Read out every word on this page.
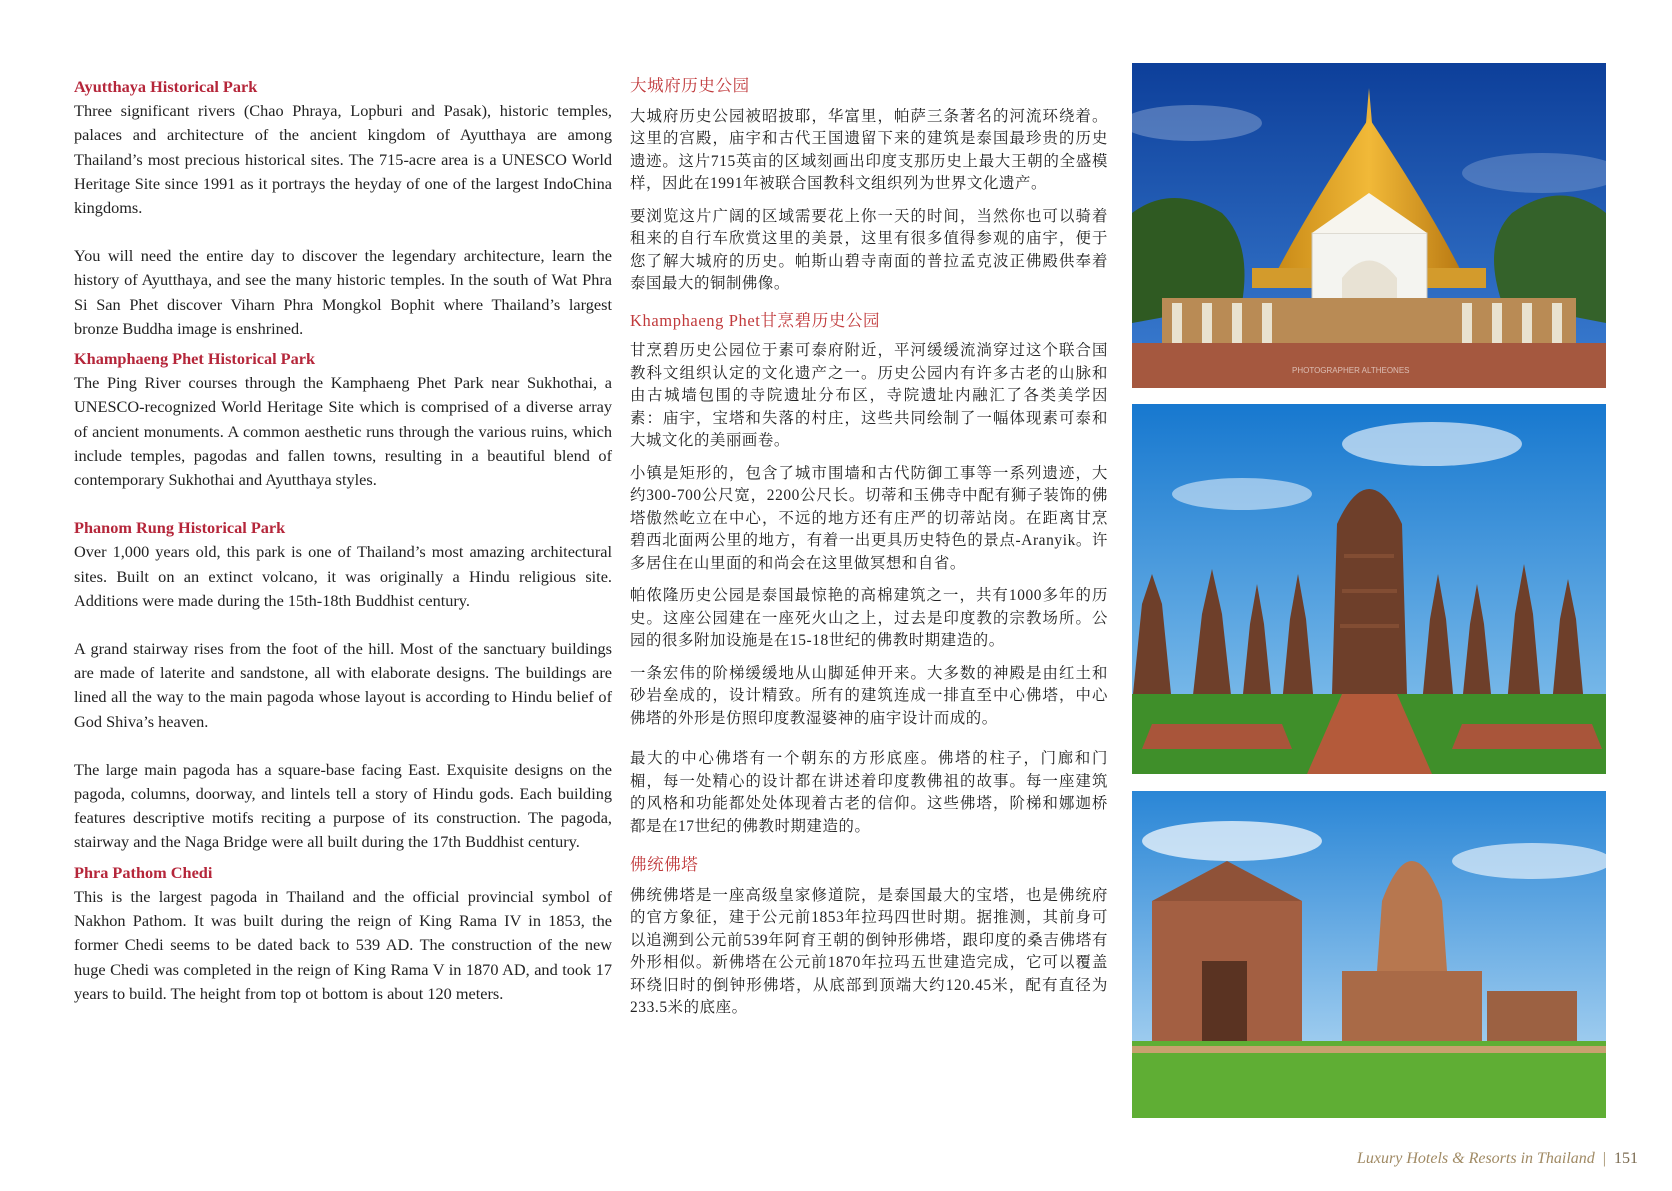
Ayutthaya Historical Park

Three significant rivers (Chao Phraya, Lopburi and Pasak), historic temples, palaces and architecture of the ancient kingdom of Ayutthaya are among Thailand’s most precious historical sites. The 715-acre area is a UNESCO World Heritage Site since 1991 as it portrays the heyday of one of the largest IndoChina kingdoms.

You will need the entire day to discover the legendary architecture, learn the history of Ayutthaya, and see the many historic temples. In the south of Wat Phra Si San Phet discover Viharn Phra Mongkol Bophit where Thailand’s largest bronze Buddha image is enshrined.

Khamphaeng Phet Historical Park

The Ping River courses through the Kamphaeng Phet Park near Sukhothai, a UNESCO-recognized World Heritage Site which is comprised of a diverse array of ancient monuments. A common aesthetic runs through the various ruins, which include temples, pagodas and fallen towns, resulting in a beautiful blend of contemporary Sukhothai and Ayutthaya styles.

Phanom Rung Historical Park

Over 1,000 years old, this park is one of Thailand’s most amazing architectural sites. Built on an extinct volcano, it was originally a Hindu religious site. Additions were made during the 15th-18th Buddhist century.

A grand stairway rises from the foot of the hill. Most of the sanctuary buildings are made of laterite and sandstone, all with elaborate designs. The buildings are lined all the way to the main pagoda whose layout is according to Hindu belief of God Shiva’s heaven.

The large main pagoda has a square-base facing East. Exquisite designs on the pagoda, columns, doorway, and lintels tell a story of Hindu gods. Each building features descriptive motifs reciting a purpose of its construction. The pagoda, stairway and the Naga Bridge were all built during the 17th Buddhist century.

Phra Pathom Chedi

This is the largest pagoda in Thailand and the official provincial symbol of Nakhon Pathom. It was built during the reign of King Rama IV in 1853, the former Chedi seems to be dated back to 539 AD. The construction of the new huge Chedi was completed in the reign of King Rama V in 1870 AD, and took 17 years to build. The height from top ot bottom is about 120 meters.

大城府历史公园

大城府历史公园被昭披耶，华富里，帕萨三条著名的河流环绕着。这里的宫殿，庙宇和古代王国遗留下来的建筑是泰国最珍贵的历史遗迹。这片715英亩的区域刻画出印度支那历史上最大王朝的全盛模样，因此在1991年被联合国教科文组织列为世界文化遗产。

要浏览这片广阔的区域需要花上你一天的时间，当然你也可以骑着租来的自行车欣赏这里的美景，这里有很多值得参观的庙宇，便于您了解大城府的历史。帕斯山碧寺南面的普拉孟克波正佛殿供奉着泰国最大的铜制佛像。

Khamphaeng Phet甘烹碧历史公园

甘烹碧历史公园位于素可泰府附近，平河缓缓流淌穿过这个联合国教科文组织认定的文化遗产之一。历史公园内有许多古老的山脉和由古城墙包围的寺院遗址分布区，寺院遗址内融汇了各类美学因素：庙宇，宝塔和失落的村庄，这些共同绘制了一幅体现素可泰和大城文化的美丽画卷。

小镇是矩形的，包含了城市围墙和古代防御工事等一系列遗迹，大约300-700公尺宽，2200公尺长。切蒂和玉佛寺中配有狮子装饰的佛塔傲然屹立在中心，不远的地方还有庄严的切蒂站岗。在距离甘烹碧西北面两公里的地方，有着一出更具历史特色的景点-Aranyik。许多居住在山里面的和尚会在这里做冥想和自省。

帕侬隆历史公园是泰国最惊艳的高棉建筑之一，共有1000多年的历史。这座公园建在一座死火山之上，过去是印度教的宗教场所。公园的很多附加设施是在15-18世纪的佛教时期建造的。

一条宏伟的阶梯缓缓地从山脚延伸开来。大多数的神殿是由红土和砂岩垒成的，设计精致。所有的建筑连成一排直至中心佛塔，中心佛塔的外形是仿照印度教湿婆神的庙宇设计而成的。

最大的中心佛塔有一个朝东的方形底座。佛塔的柱子，门廊和门楣，每一处精心的设计都在讲述着印度教佛祖的故事。每一座建筑的风格和功能都处处体现着古老的信仰。这些佛塔，阶梯和娜迦桥都是在17世纪的佛教时期建造的。

佛统佛塔

佛统佛塔是一座高级皇家修道院，是泰国最大的宝塔，也是佛统府的官方象征，建于公元前1853年拉玛四世时期。据推测，其前身可以追溯到公元前539年阿育王朝的倒钟形佛塔，跟印度的桑吉佛塔有外形相似。新佛塔在公元前1870年拉玛五世建造完成，它可以覆盖环绕旧时的倒钟形佛塔，从底部到顶端大约120.45米，配有直径为233.5米的底座。

PHOTOGRAPHER ALTHEONES
Luxury Hotels & Resorts in Thailand | 151
